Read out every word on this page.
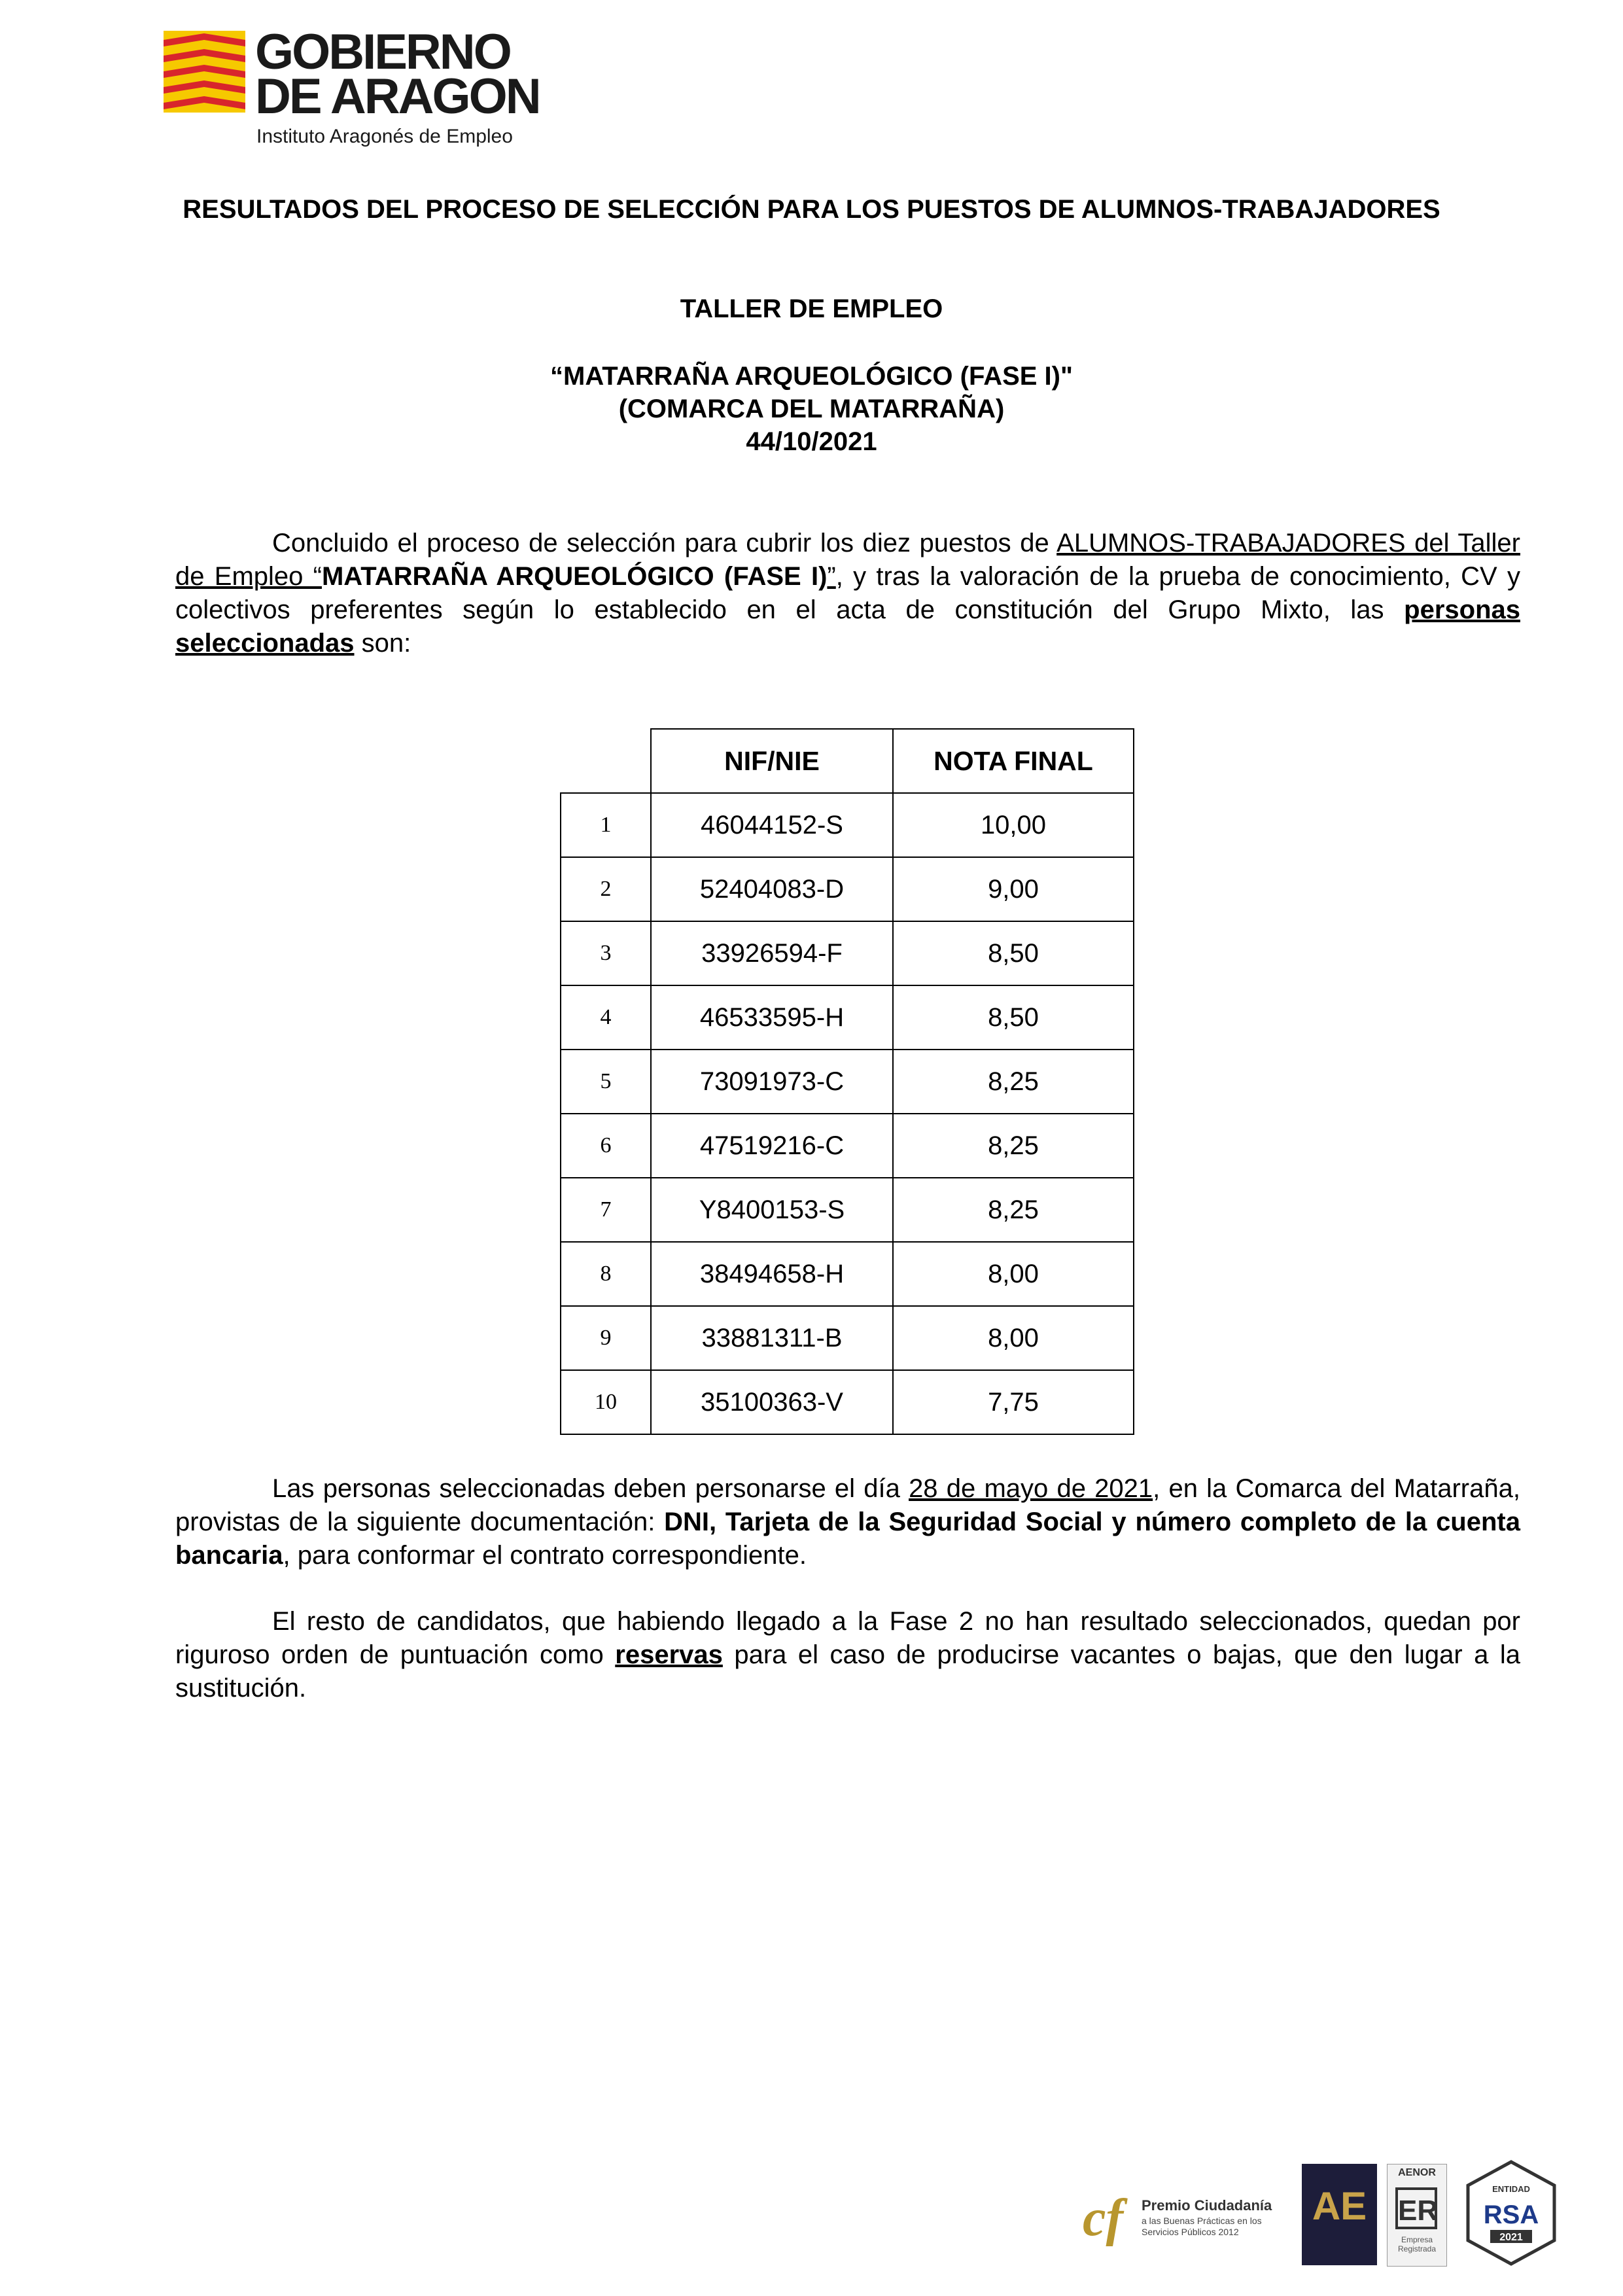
GOBIERNO
DE ARAGON
Instituto Aragonés de Empleo
RESULTADOS DEL PROCESO DE SELECCIÓN PARA LOS PUESTOS DE ALUMNOS-TRABAJADORES
TALLER DE EMPLEO
“MATARRAÑA ARQUEOLÓGICO (FASE I)"
(COMARCA DEL MATARRAÑA)
44/10/2021
Concluido el proceso de selección para cubrir los diez puestos de ALUMNOS-TRABAJADORES del Taller de Empleo “MATARRAÑA ARQUEOLÓGICO (FASE I)”, y tras la valoración de la prueba de conocimiento, CV y colectivos preferentes según lo establecido en el acta de constitución del Grupo Mixto, las personas seleccionadas son:
	NIF/NIE	NOTA FINAL
1	46044152-S	10,00
2	52404083-D	9,00
3	33926594-F	8,50
4	46533595-H	8,50
5	73091973-C	8,25
6	47519216-C	8,25
7	Y8400153-S	8,25
8	38494658-H	8,00
9	33881311-B	8,00
10	35100363-V	7,75
Las personas seleccionadas deben personarse el día 28 de mayo de 2021, en la Comarca del Matarraña, provistas de la siguiente documentación: DNI, Tarjeta de la Seguridad Social y número completo de la cuenta bancaria, para conformar el contrato correspondiente.
El resto de candidatos, que habiendo llegado a la Fase 2 no han resultado seleccionados, quedan por riguroso orden de puntuación como reservas para el caso de producirse vacantes o bajas, que den lugar a la sustitución.
cf Premio Ciudadanía
a las Buenas Prácticas en los
Servicios Públicos 2012
AE
AENOR
ER
Empresa
Registrada
ENTIDAD
RSA
2021
